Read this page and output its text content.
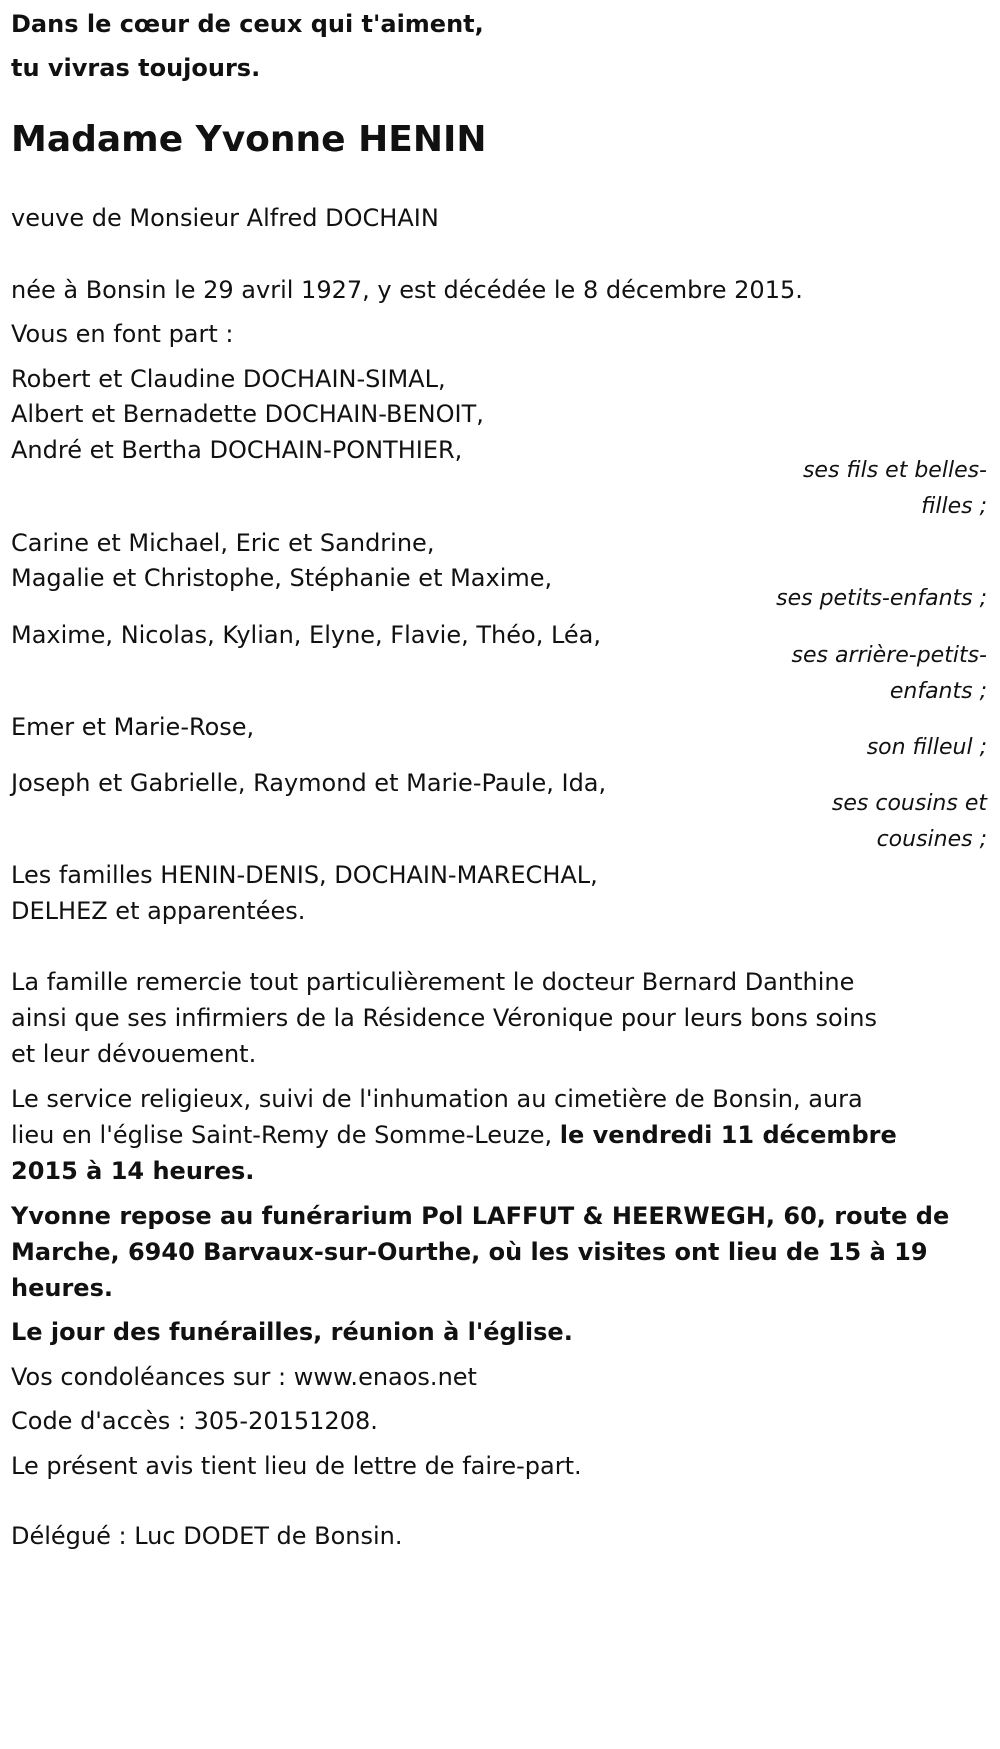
Dans le cœur de ceux qui t'aiment,
tu vivras toujours.
Madame Yvonne HENIN
veuve de Monsieur Alfred DOCHAIN
née à Bonsin le 29 avril 1927, y est décédée le 8 décembre 2015.
Vous en font part :
Robert et Claudine DOCHAIN-SIMAL,
Albert et Bernadette DOCHAIN-BENOIT,
André et Bertha DOCHAIN-PONTHIER,
ses fils et belles-
filles ;
Carine et Michael, Eric et Sandrine,
Magalie et Christophe, Stéphanie et Maxime,
ses petits-enfants ;
Maxime, Nicolas, Kylian, Elyne, Flavie, Théo, Léa,
ses arrière-petits-
enfants ;
Emer et Marie-Rose,
son filleul ;
Joseph et Gabrielle, Raymond et Marie-Paule, Ida,
ses cousins et
cousines ;
Les familles HENIN-DENIS, DOCHAIN-MARECHAL,
DELHEZ et apparentées.
La famille remercie tout particulièrement le docteur Bernard Danthine
ainsi que ses infirmiers de la Résidence Véronique pour leurs bons soins
et leur dévouement.
Le service religieux, suivi de l'inhumation au cimetière de Bonsin, aura
lieu en l'église Saint-Remy de Somme-Leuze, le vendredi 11 décembre
2015 à 14 heures.
Yvonne repose au funérarium Pol LAFFUT & HEERWEGH, 60, route de
Marche, 6940 Barvaux-sur-Ourthe, où les visites ont lieu de 15 à 19
heures.
Le jour des funérailles, réunion à l'église.
Vos condoléances sur : www.enaos.net
Code d'accès : 305-20151208.
Le présent avis tient lieu de lettre de faire-part.
Délégué : Luc DODET de Bonsin.
